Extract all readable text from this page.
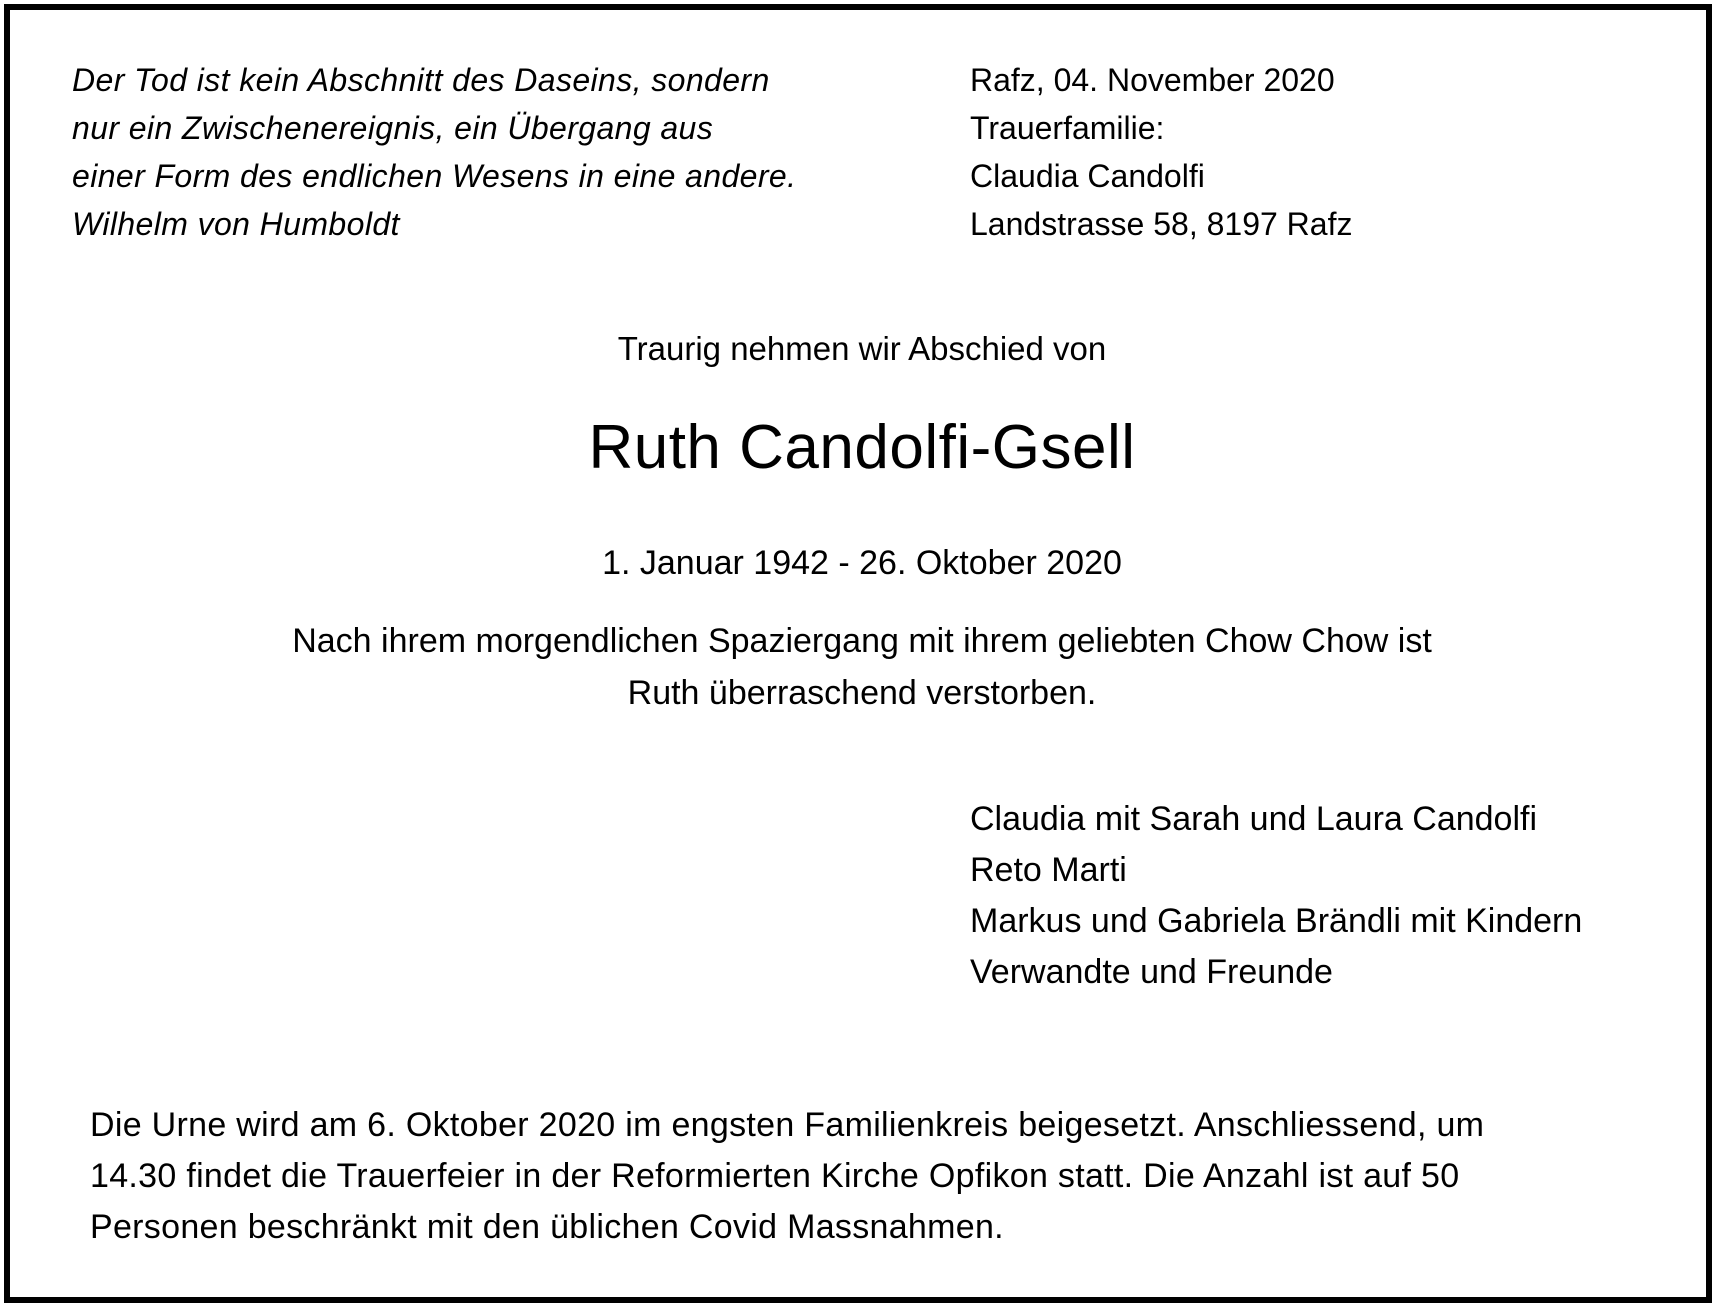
Der Tod ist kein Abschnitt des Daseins, sondern
nur ein Zwischenereignis, ein Übergang aus
einer Form des endlichen Wesens in eine andere.
Wilhelm von Humboldt
Rafz, 04. November 2020
Trauerfamilie:
Claudia Candolfi
Landstrasse 58, 8197 Rafz
Traurig nehmen wir Abschied von
Ruth Candolfi-Gsell
1. Januar 1942 - 26. Oktober 2020
Nach ihrem morgendlichen Spaziergang mit ihrem geliebten Chow Chow ist
Ruth überraschend verstorben.
Claudia mit Sarah und Laura Candolfi
Reto Marti
Markus und Gabriela Brändli mit Kindern
Verwandte und Freunde
Die Urne wird am 6. Oktober 2020 im engsten Familienkreis beigesetzt. Anschliessend, um
14.30 findet die Trauerfeier in der Reformierten Kirche Opfikon statt. Die Anzahl ist auf 50
Personen beschränkt mit den üblichen Covid Massnahmen.
